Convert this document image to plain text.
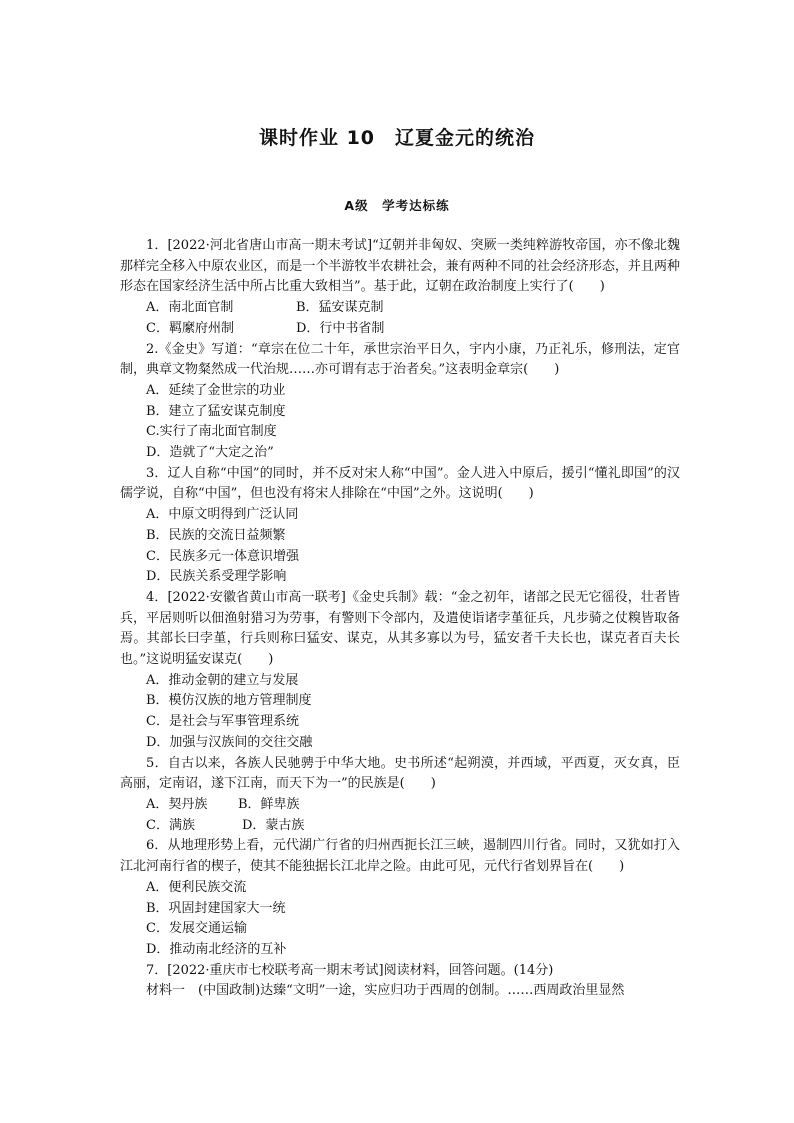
课时作业 10　辽夏金元的统治
A级　学考达标练

1．[2022·河北省唐山市高一期末考试]“辽朝并非匈奴、突厥一类纯粹游牧帝国，亦不像北魏那样完全移入中原农业区，而是一个半游牧半农耕社会，兼有两种不同的社会经济形态，并且两种形态在国家经济生活中所占比重大致相当”。基于此，辽朝在政治制度上实行了(　　)

A．南北面官制	B．猛安谋克制

C．羁縻府州制	D．行中书省制

2.《金史》写道：“章宗在位二十年，承世宗治平日久，宇内小康，乃正礼乐，修刑法，定官制，典章文物粲然成一代治规……亦可谓有志于治者矣。”这表明金章宗(　　)

A．延续了金世宗的功业

B．建立了猛安谋克制度

C.实行了南北面官制度

D．造就了“大定之治”

3．辽人自称“中国”的同时，并不反对宋人称“中国”。金人进入中原后，援引“懂礼即国”的汉儒学说，自称“中国”，但也没有将宋人排除在“中国”之外。这说明(　　)

A．中原文明得到广泛认同

B．民族的交流日益频繁

C．民族多元一体意识增强

D．民族关系受理学影响

4．[2022·安徽省黄山市高一联考]《金史兵制》载：“金之初年，诸部之民无它徭役，壮者皆兵，平居则听以佃渔射猎习为劳事，有警则下令部内，及遣使诣诸孛堇征兵，凡步骑之仗糗皆取备焉。其部长曰孛堇，行兵则称曰猛安、谋克，从其多寡以为号，猛安者千夫长也，谋克者百夫长也。”这说明猛安谋克(　　)

A．推动金朝的建立与发展

B．模仿汉族的地方管理制度

C．是社会与军事管理系统

D．加强与汉族间的交往交融

5．自古以来，各族人民驰骋于中华大地。史书所述“起朔漠，并西域，平西夏，灭女真，臣高丽，定南诏，遂下江南，而天下为一”的民族是(　　)

A．契丹族 B．鲜卑族

C．满族	D．蒙古族

6．从地理形势上看，元代湖广行省的归州西扼长江三峡，遏制四川行省。同时，又犹如打入江北河南行省的楔子，使其不能独据长江北岸之险。由此可见，元代行省划界旨在(　　)

A．便利民族交流

B．巩固封建国家大一统

C．发展交通运输

D．推动南北经济的互补

7．[2022·重庆市七校联考高一期末考试]阅读材料，回答问题。(14分)

材料一　(中国政制)达臻“文明”一途，实应归功于西周的创制。……西周政治里显然
